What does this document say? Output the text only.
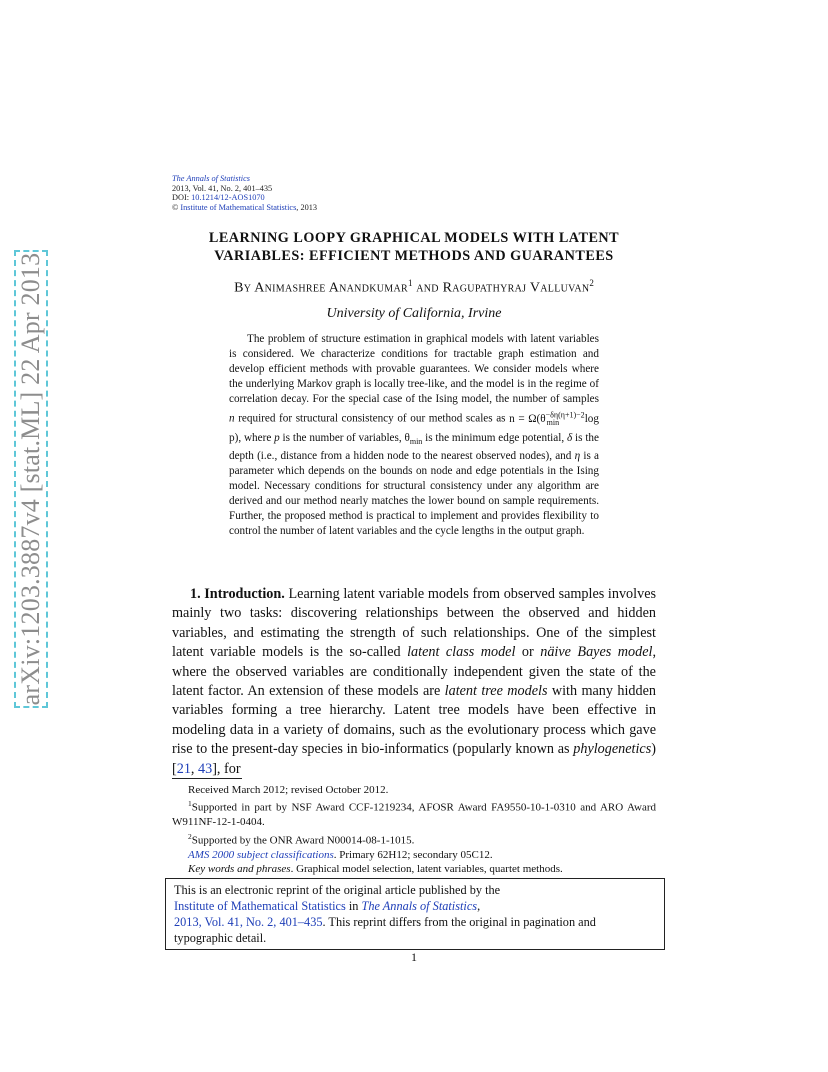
arXiv:1203.3887v4 [stat.ML] 22 Apr 2013
The Annals of Statistics
2013, Vol. 41, No. 2, 401–435
DOI: 10.1214/12-AOS1070
© Institute of Mathematical Statistics, 2013
LEARNING LOOPY GRAPHICAL MODELS WITH LATENT
VARIABLES: EFFICIENT METHODS AND GUARANTEES
By Animashree Anandkumar$^1$ and Ragupathyraj Valluvan$^2$
University of California, Irvine
The problem of structure estimation in graphical models with latent variables is considered. We characterize conditions for tractable graph estimation and develop efficient methods with provable guarantees. We consider models where the underlying Markov graph is locally tree-like, and the model is in the regime of correlation decay. For the special case of the Ising model, the number of samples n required for structural consistency of our method scales as $n = \Omega(\theta^{-\delta\eta(\eta+1)-2}_{min}$ log p), where p is the number of variables, $\theta_{min}$ is the minimum edge potential, δ is the depth (i.e., distance from a hidden node to the nearest observed nodes), and η is a parameter which depends on the bounds on node and edge potentials in the Ising model. Necessary conditions for structural consistency under any algorithm are derived and our method nearly matches the lower bound on sample requirements. Further, the proposed method is practical to implement and provides flexibility to control the number of latent variables and the cycle lengths in the output graph.
1. Introduction. Learning latent variable models from observed samples involves mainly two tasks: discovering relationships between the observed and hidden variables, and estimating the strength of such relationships. One of the simplest latent variable models is the so-called latent class model or näive Bayes model, where the observed variables are conditionally independent given the state of the latent factor. An extension of these models are latent tree models with many hidden variables forming a tree hierarchy. Latent tree models have been effective in modeling data in a variety of domains, such as the evolutionary process which gave rise to the present-day species in bio-informatics (popularly known as phylogenetics) [21, 43], for

Received March 2012; revised October 2012.

$^1$Supported in part by NSF Award CCF-1219234, AFOSR Award FA9550-10-1-0310 and ARO Award W911NF-12-1-0404.

$^2$Supported by the ONR Award N00014-08-1-1015.

AMS 2000 subject classifications. Primary 62H12; secondary 05C12.

Key words and phrases. Graphical model selection, latent variables, quartet methods.

This is an electronic reprint of the original article published by the
Institute of Mathematical Statistics in The Annals of Statistics,
2013, Vol. 41, No. 2, 401–435. This reprint differs from the original in pagination and typographic detail.
1
